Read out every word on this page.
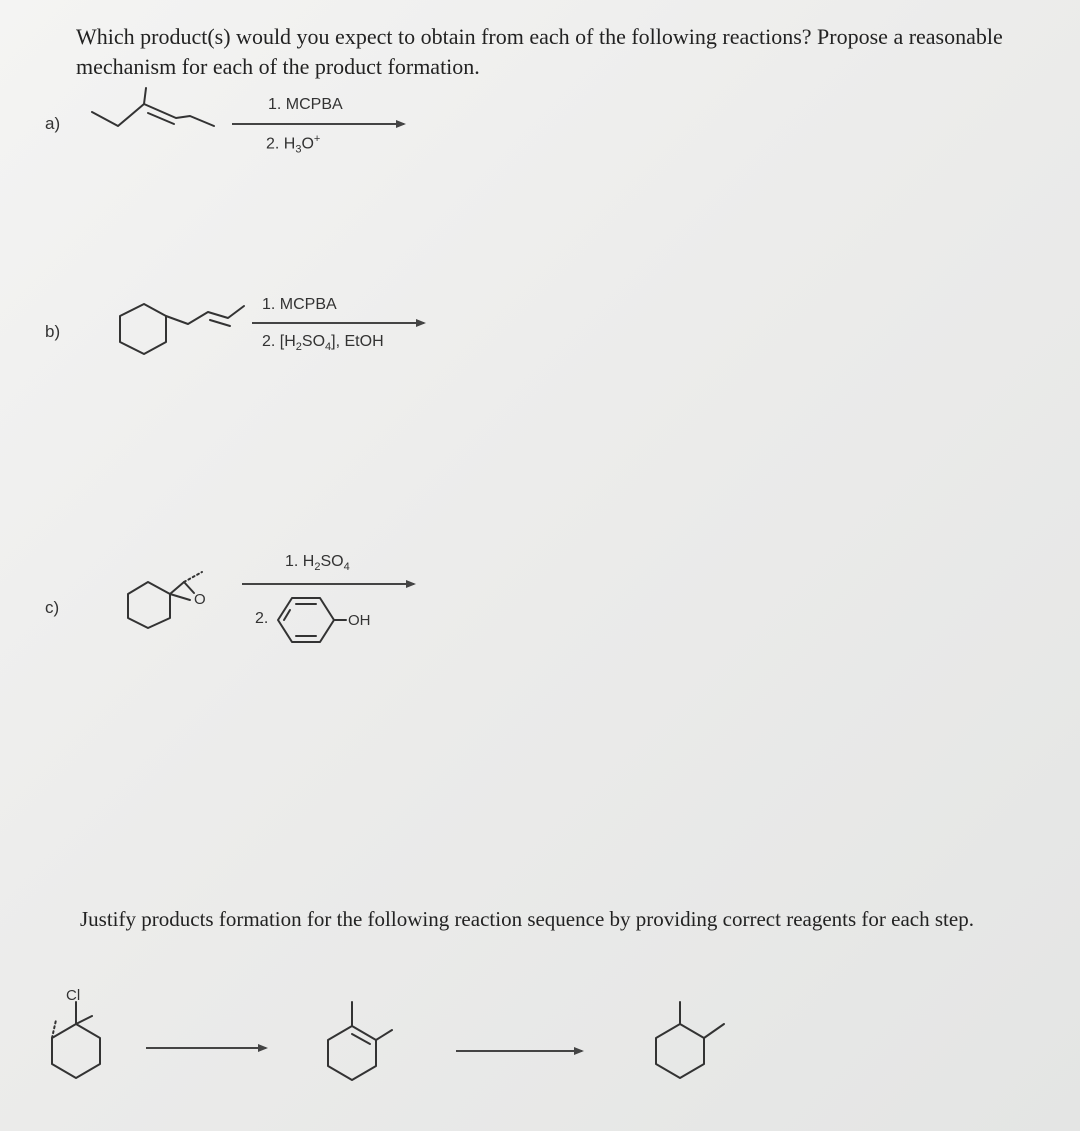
Which product(s) would you expect to obtain from each of the following reactions? Propose a reasonable mechanism for each of the product formation.

a)
1. MCPBA
2. $H_3O^+$
b)
1. MCPBA
2. $[H_2SO_4]$, EtOH
c)	O
1. $H_2SO_4$
2.	OH

Justify products formation for the following reaction sequence by providing correct reagents for each step.

Cl
